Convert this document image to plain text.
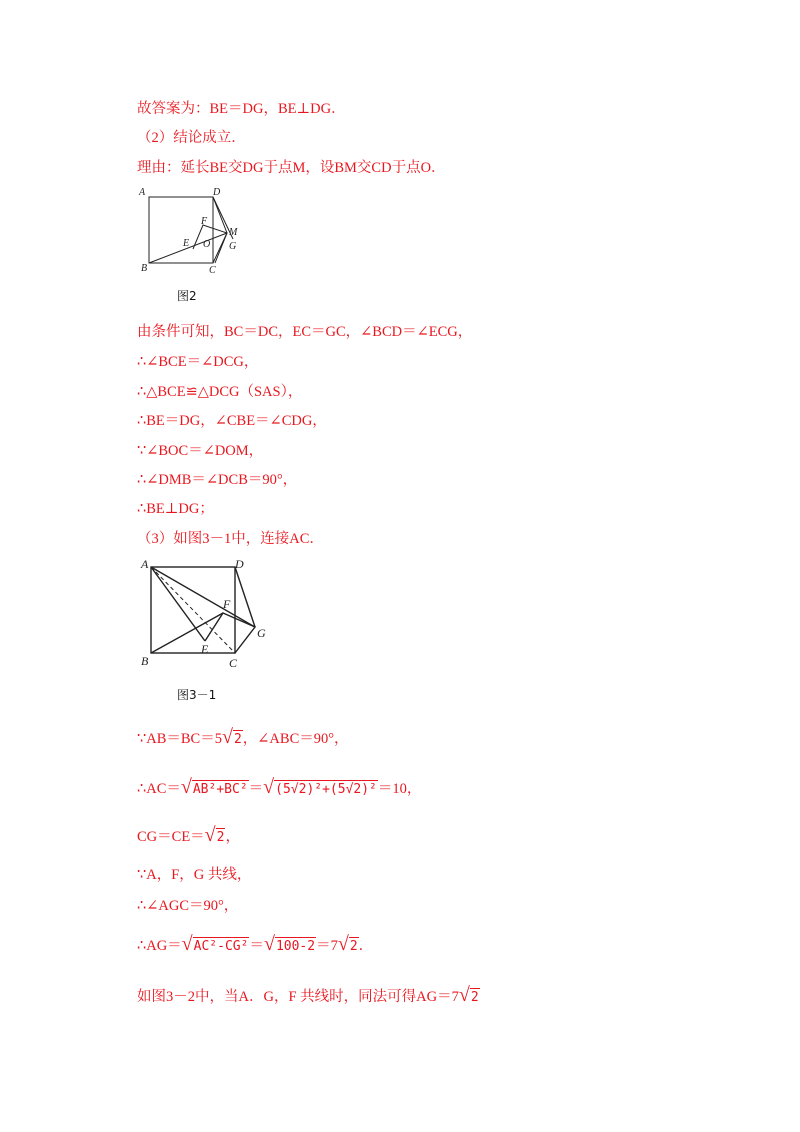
故答案为：BE＝DG，BE⊥DG．
（2）结论成立．
理由：延长BE交DG于点M，设BM交CD于点O．
A	D
F
E O
M
G
B	C
图2
由条件可知，BC＝DC，EC＝GC，∠BCD＝∠ECG，
∴∠BCE＝∠DCG，
∴△BCE≌△DCG（SAS），
∴BE＝DG，∠CBE＝∠CDG，
∵∠BOC＝∠DOM，
∴∠DMB＝∠DCB＝90°，
∴BE⊥DG；
（3）如图3－1中，连接AC．
A	D
F
G
E
B	C
图3－1
∵AB＝BC＝5√2，∠ABC＝90°，
∴AC＝√AB²+BC²＝√(5√2)²+(5√2)²＝10，
CG＝CE＝√2，
∵A，F，G 共线，
∴∠AGC＝90°，
∴AG＝√AC²-CG²＝√100-2＝7√2．
如图3－2中，当A．G，F 共线时，同法可得AG＝7√2
